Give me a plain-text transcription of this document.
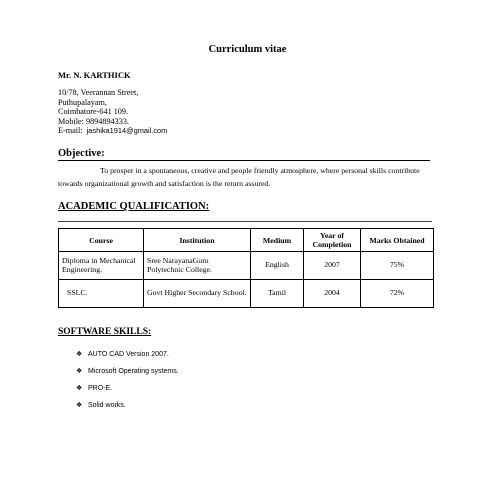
Curriculum vitae
Mr. N. KARTHICK
10/78, Veerannan Street,
Puthupalayam,
Coimbatore-641 109.
Mobile: 9894894333.
E-mail: jashika1914@gmail.com
Objective:
To prosper in a spontaneous, creative and people friendly atmosphere, where personal skills contribute towards organizational growth and satisfaction is the return assured.
ACADEMIC QUALIFICATION:
Course	Institution	Medium	Year of Completion	Marks Obtained
Diploma in Mechanical Engineering.	Sree NarayanaGuru Polytechnic College.	English	2007	75%
SSLC.	Govt Higher Secondary School.	Tamil	2004	72%
SOFTWARE SKILLS:
❖ AUTO CAD Version 2007.
❖ Microsoft Operating systems.
❖ PRO-E.
❖ Solid works.
